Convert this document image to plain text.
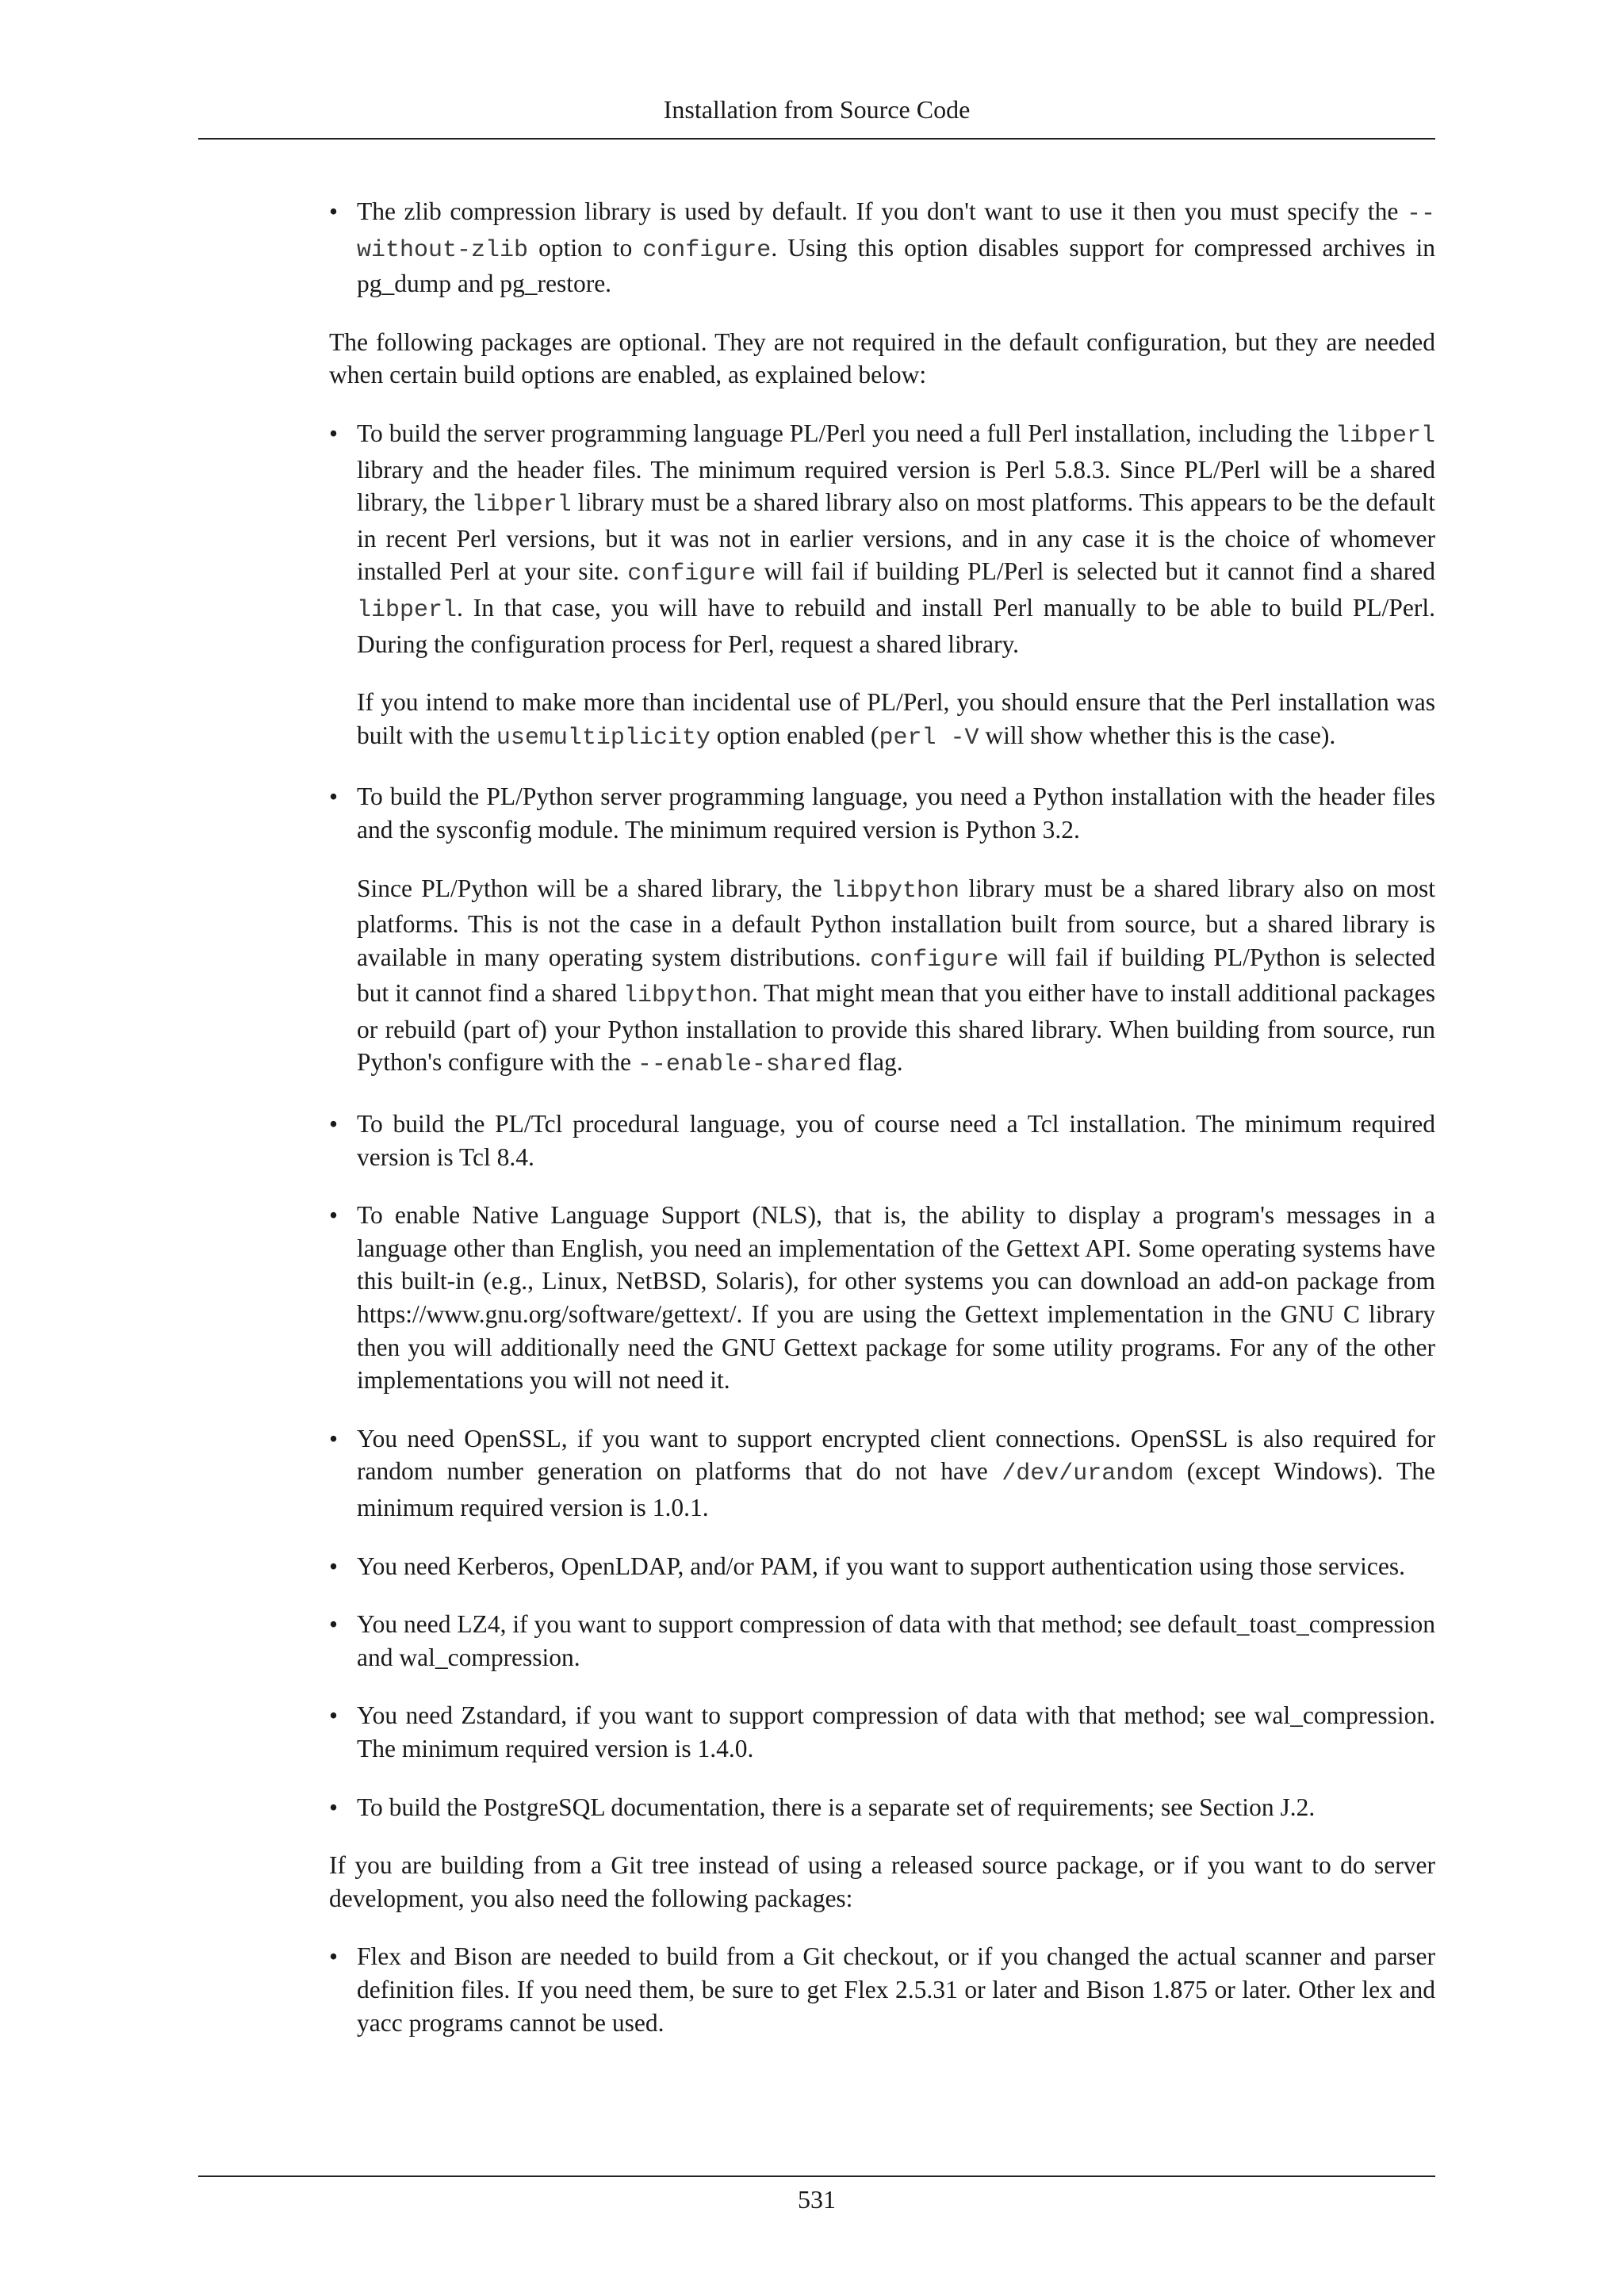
Installation from Source Code
• The zlib compression library is used by default. If you don't want to use it then you must specify the --without-zlib option to configure. Using this option disables support for compressed archives in pg_dump and pg_restore.

The following packages are optional. They are not required in the default configuration, but they are needed when certain build options are enabled, as explained below:

• To build the server programming language PL/Perl you need a full Perl installation, including the libperl library and the header files. The minimum required version is Perl 5.8.3. Since PL/Perl will be a shared library, the libperl library must be a shared library also on most platforms. This appears to be the default in recent Perl versions, but it was not in earlier versions, and in any case it is the choice of whomever installed Perl at your site. configure will fail if building PL/Perl is selected but it cannot find a shared libperl. In that case, you will have to rebuild and install Perl manually to be able to build PL/Perl. During the configuration process for Perl, request a shared library.

If you intend to make more than incidental use of PL/Perl, you should ensure that the Perl installation was built with the usemultiplicity option enabled (perl -V will show whether this is the case).

• To build the PL/Python server programming language, you need a Python installation with the header files and the sysconfig module. The minimum required version is Python 3.2.

Since PL/Python will be a shared library, the libpython library must be a shared library also on most platforms. This is not the case in a default Python installation built from source, but a shared library is available in many operating system distributions. configure will fail if building PL/Python is selected but it cannot find a shared libpython. That might mean that you either have to install additional packages or rebuild (part of) your Python installation to provide this shared library. When building from source, run Python's configure with the --enable-shared flag.

• To build the PL/Tcl procedural language, you of course need a Tcl installation. The minimum required version is Tcl 8.4.

• To enable Native Language Support (NLS), that is, the ability to display a program's messages in a language other than English, you need an implementation of the Gettext API. Some operating systems have this built-in (e.g., Linux, NetBSD, Solaris), for other systems you can download an add-on package from https://www.gnu.org/software/gettext/. If you are using the Gettext implementation in the GNU C library then you will additionally need the GNU Gettext package for some utility programs. For any of the other implementations you will not need it.

• You need OpenSSL, if you want to support encrypted client connections. OpenSSL is also required for random number generation on platforms that do not have /dev/urandom (except Windows). The minimum required version is 1.0.1.

• You need Kerberos, OpenLDAP, and/or PAM, if you want to support authentication using those services.

• You need LZ4, if you want to support compression of data with that method; see default_toast_compression and wal_compression.

• You need Zstandard, if you want to support compression of data with that method; see wal_compression. The minimum required version is 1.4.0.

• To build the PostgreSQL documentation, there is a separate set of requirements; see Section J.2.

If you are building from a Git tree instead of using a released source package, or if you want to do server development, you also need the following packages:

• Flex and Bison are needed to build from a Git checkout, or if you changed the actual scanner and parser definition files. If you need them, be sure to get Flex 2.5.31 or later and Bison 1.875 or later. Other lex and yacc programs cannot be used.

531
